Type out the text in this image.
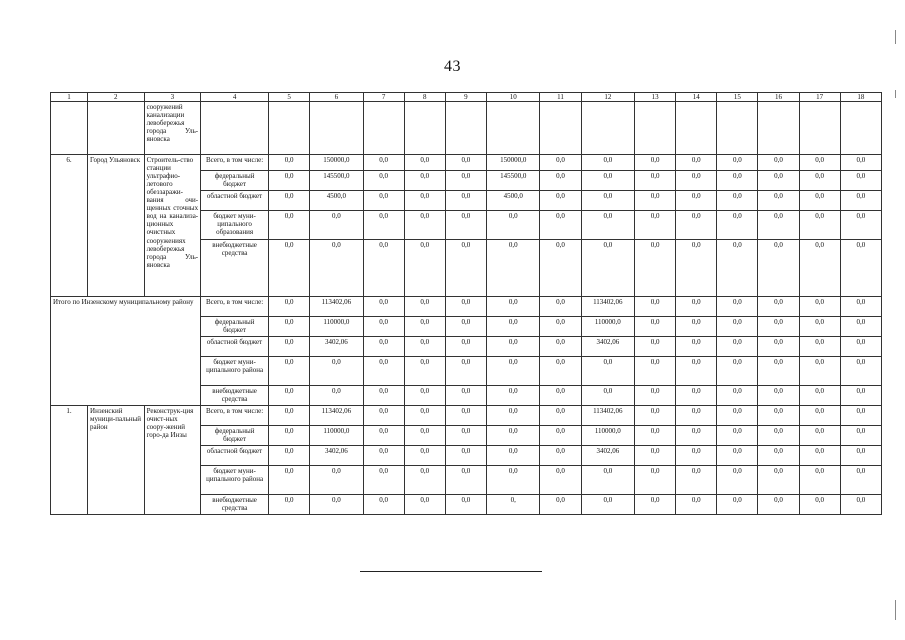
43
1	2	3	4	5	6	7	8	9	10	11	12	13	14	15	16	17	18
		сооружений канализации левобережья города Уль-яновска															
6.	Город Ульяновск	Строитель-ство станции ультрафио-летового обеззаражи-вания очи-щенных сточных вод на канализа-ционных очистных сооружениях левобережья города Уль-яновска	Всего, в том числе:	0,0	150000,0	0,0	0,0	0,0	150000,0	0,0	0,0	0,0	0,0	0,0	0,0	0,0	0,0
			федеральный бюджет	0,0	145500,0	0,0	0,0	0,0	145500,0	0,0	0,0	0,0	0,0	0,0	0,0	0,0	0,0
			областной бюджет	0,0	4500,0	0,0	0,0	0,0	4500,0	0,0	0,0	0,0	0,0	0,0	0,0	0,0	0,0
			бюджет муни-ципального образования	0,0	0,0	0,0	0,0	0,0	0,0	0,0	0,0	0,0	0,0	0,0	0,0	0,0	0,0
			внебюджетные средства	0,0	0,0	0,0	0,0	0,0	0,0	0,0	0,0	0,0	0,0	0,0	0,0	0,0	0,0
Итого по Инзенскому муниципальному району			Всего, в том числе:	0,0	113402,06	0,0	0,0	0,0	0,0	0,0	113402,06	0,0	0,0	0,0	0,0	0,0	0,0
			федеральный бюджет	0,0	110000,0	0,0	0,0	0,0	0,0	0,0	110000,0	0,0	0,0	0,0	0,0	0,0	0,0
			областной бюджет	0,0	3402,06	0,0	0,0	0,0	0,0	0,0	3402,06	0,0	0,0	0,0	0,0	0,0	0,0
			бюджет муни-ципального района	0,0	0,0	0,0	0,0	0,0	0,0	0,0	0,0	0,0	0,0	0,0	0,0	0,0	0,0
			внебюджетные средства	0,0	0,0	0,0	0,0	0,0	0,0	0,0	0,0	0,0	0,0	0,0	0,0	0,0	0,0
1.	Инзенский муници-пальный район	Реконструк-ция очист-ных соору-жений горо-да Инзы	Всего, в том числе:	0,0	113402,06	0,0	0,0	0,0	0,0	0,0	113402,06	0,0	0,0	0,0	0,0	0,0	0,0
			федеральный бюджет	0,0	110000,0	0,0	0,0	0,0	0,0	0,0	110000,0	0,0	0,0	0,0	0,0	0,0	0,0
			областной бюджет	0,0	3402,06	0,0	0,0	0,0	0,0	0,0	3402,06	0,0	0,0	0,0	0,0	0,0	0,0
			бюджет муни-ципального района	0,0	0,0	0,0	0,0	0,0	0,0	0,0	0,0	0,0	0,0	0,0	0,0	0,0	0,0
			внебюджетные средства	0,0	0,0	0,0	0,0	0,0	0,	0,0	0,0	0,0	0,0	0,0	0,0	0,0	0,0
